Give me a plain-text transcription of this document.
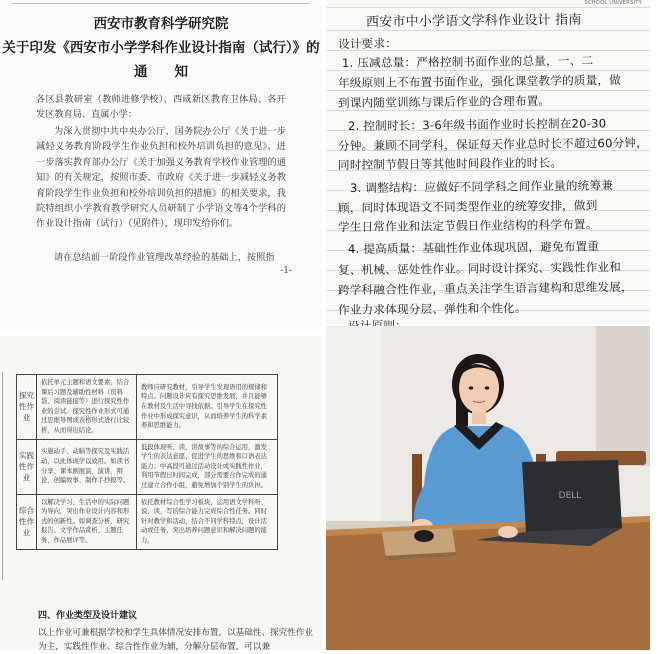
西安市教育科学研究院
关于印发《西安市小学学科作业设计指南（试行）》的
通　　知
各区县教研室（教师进修学校）、西咸新区教育卫体局、各开发区教育局、直属小学：
为深入贯彻中共中央办公厅、国务院办公厅《关于进一步减轻义务教育阶段学生作业负担和校外培训负担的意见》、进一步落实教育部办公厅《关于加强义务教育学校作业管理的通知》的有关规定，按照市委、市政府《关于进一步减轻义务教育阶段学生作业负担和校外培训负担的措施》的相关要求，我院特组织小学教育教学研究人员研制了小学语文等4个学科的作业设计指南（试行）（见附件），现印发给你们。
请在总结前一阶段作业管理改革经验的基础上，按照指
-1-
SCHOOL UNIVERSITY
西安市中小学语文学科作业设计 指南
设计要求：
1. 压减总量：严格控制书面作业的总量，一、二
年级原则上不布置书面作业，强化课堂教学的质量，做
到课内随堂训练与课后作业的合理布置。
2. 控制时长：3-6年级书面作业时长控制在20-30
分钟。兼顾不同学科，保证每天作业总时长不超过60分钟，
同时控制节假日等其他时间段作业的时长。
3. 调整结构：应做好不同学科之间作业量的统筹兼
顾，同时体现语文不同类型作业的统筹安排，做到
学生日常作业和法定节假日作业结构的科学布置。
4. 提高质量：基础性作业体现巩固，避免布置重
复、机械、惩处性作业。同时设计探究、实践性作业和
跨学科融合性作业，重点关注学生语言建构和思维发展，
作业力求体现分层、弹性和个性化。
探究性作业	依托单元主题和语文要素，结合课后习题及辅助性材料（资料袋、阅读链接等）进行探究性作业的尝试。探究性作业形式可通过思维导图或表格形式进行比较析，从而得出结论。	教师应研究教材，引导学生发现语用的规律和特点。问题设计应有探究思维发展，并且能够在教材及生活中寻找依据。引导学生在探究性作业中形成探究意识，从而培养学生的科学素养和思维能力。
实践性作业	实施动手、动脑等探究及实践活动，以此体现学以致用。如读书分享、课本剧展演、演讲、辩论、创编故事、制作手抄报等。	低段体现听、读、讲故事等的综合运用，激发学生的表达意愿，促进学生的思维和口语表达能力；中高段可通过活动设计或实践性作业，利用节假日时间完成，部分需要合作完成的通过建立合作小组，避免增加个别学生的负担。
综合性作业	以解决学习、生活中的实际问题为导向，突出作业设计内容和形式的创新性。如调查分析、研究报告、文学作品赏析、主题任务、作品展评等。	依托教材综合性学习板块，运用语文学科听、说、读、写的综合能力完成综合性任务。同时针对教学和活动，结合不同学科特点，设计活动或任务，突出培养问题意识和解决问题的能力。
四、作业类型及设计建议
以上作业可兼根据学校和学生具体情况安排布置，以基础性、探究性作业为主，实践性作业、综合性作业为辅，分解分层布置，可以兼
DELL
